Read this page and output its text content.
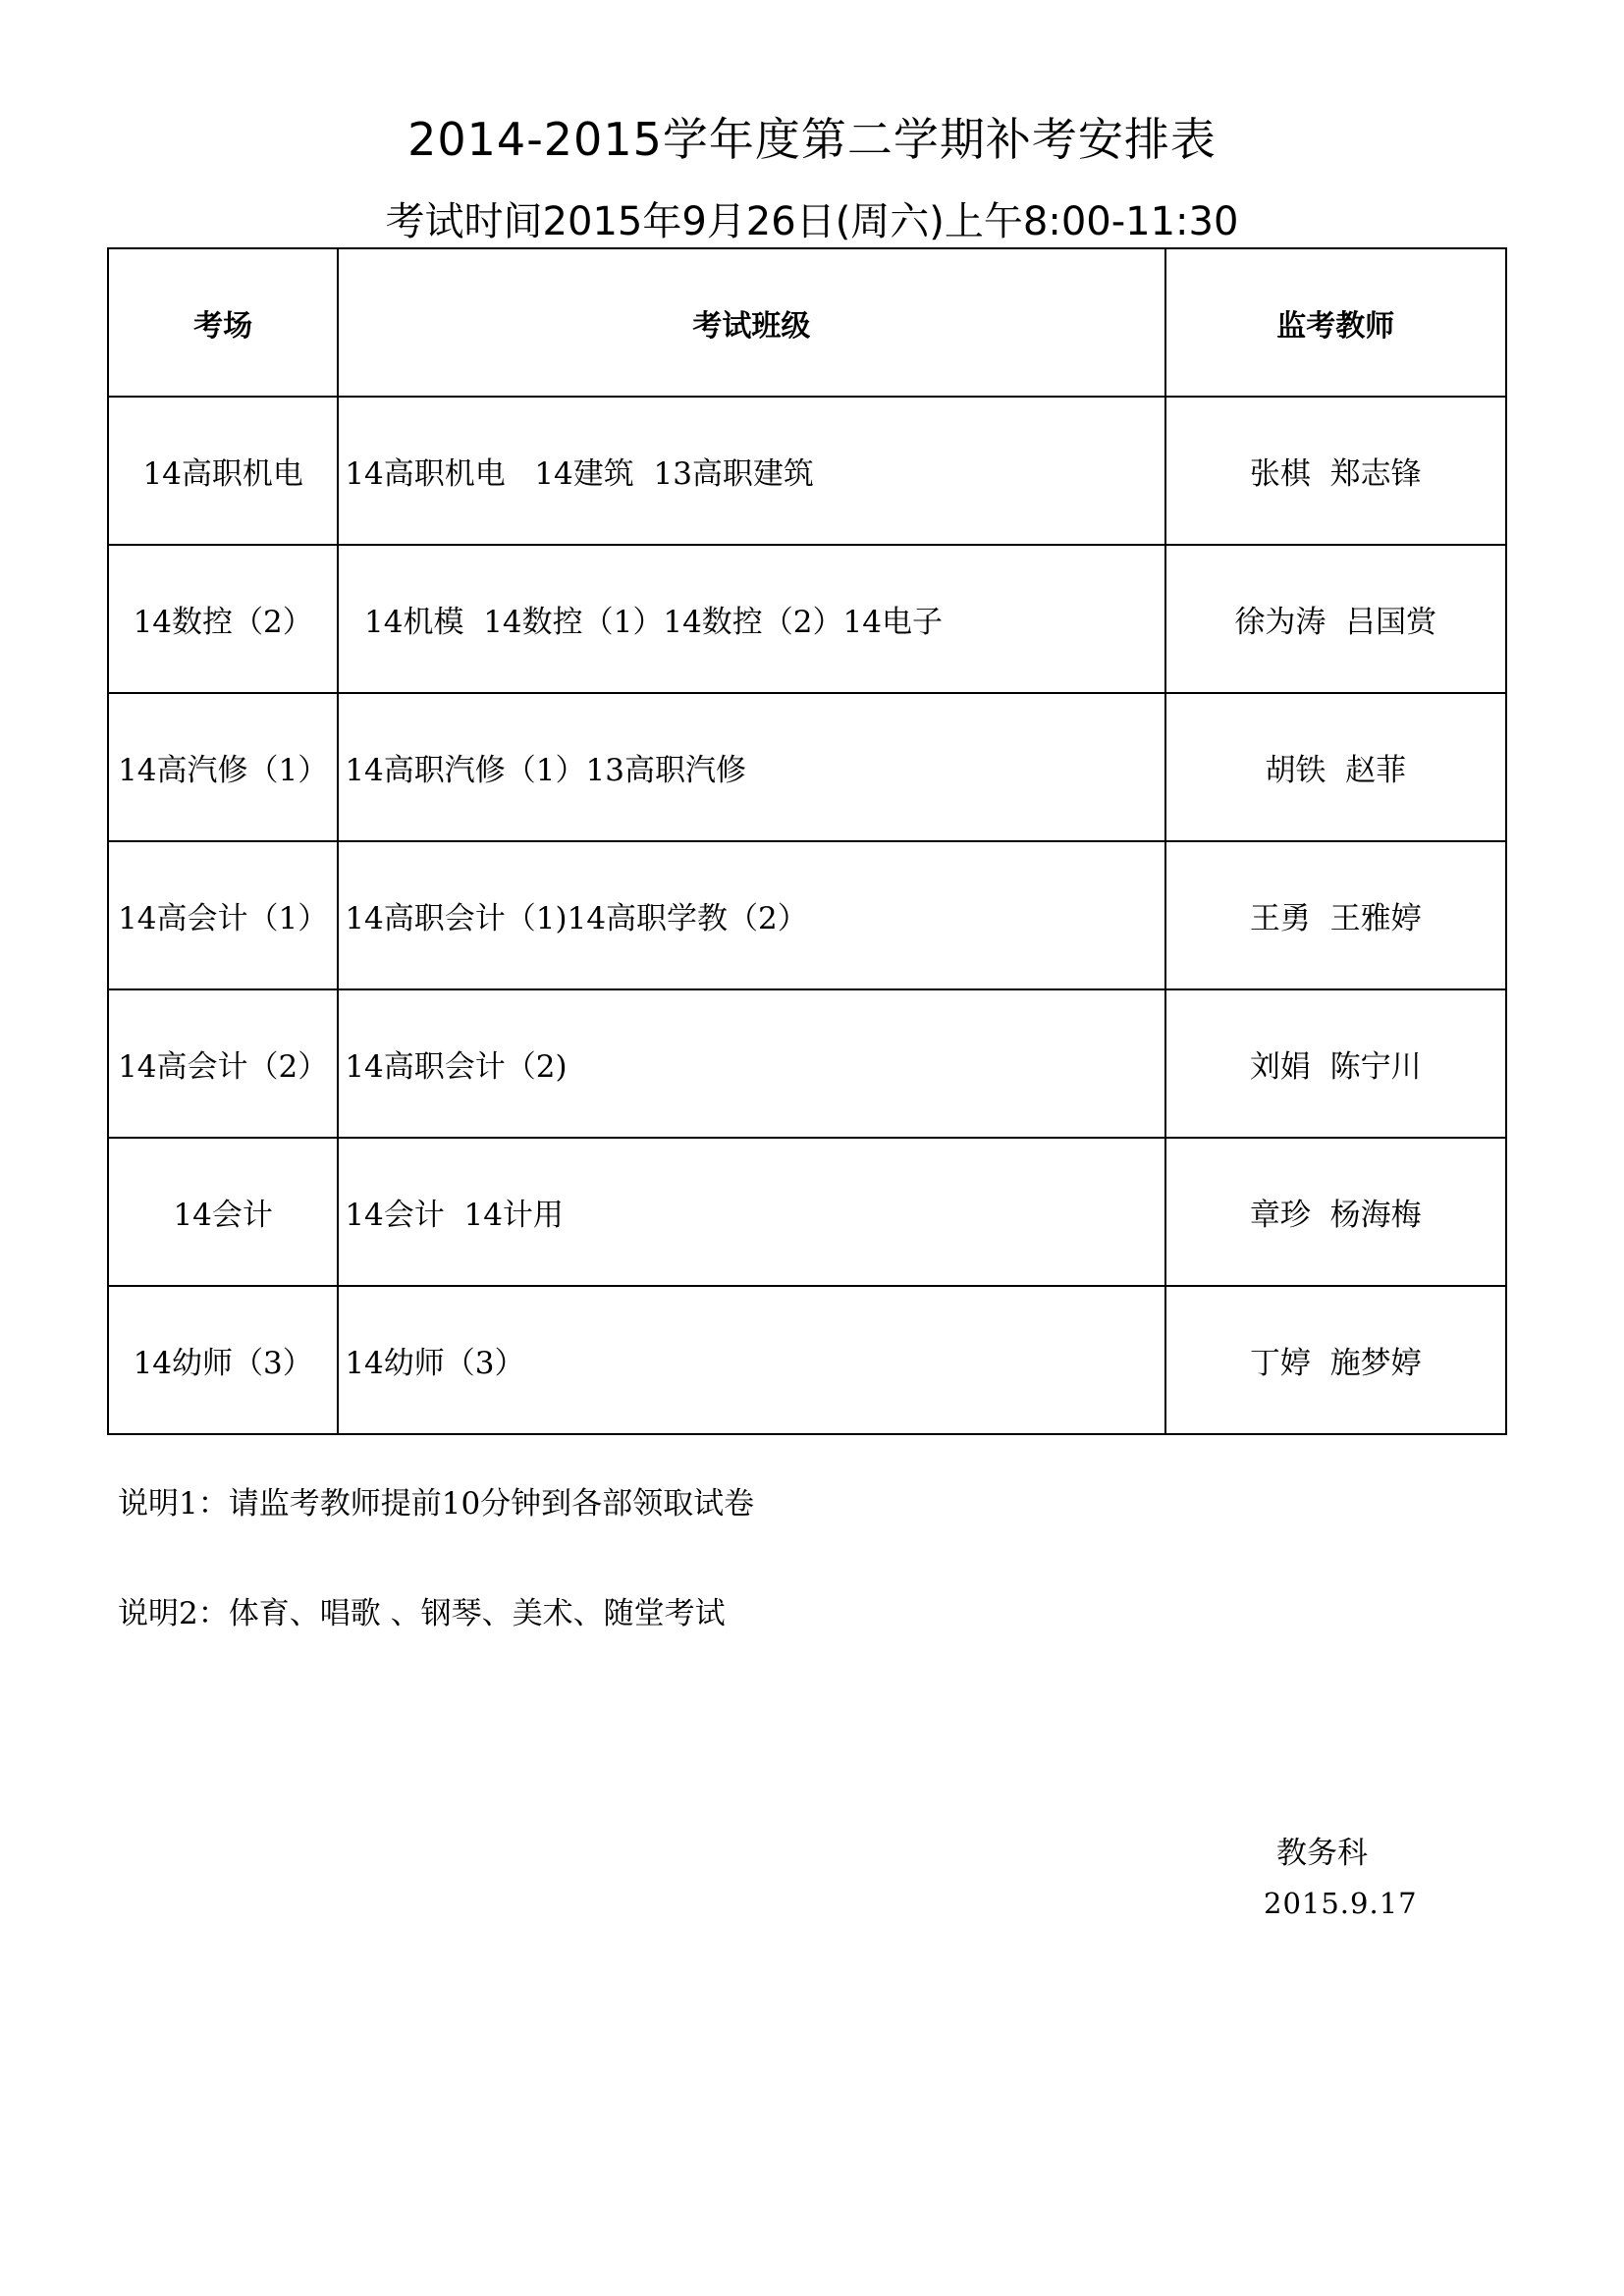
2014-2015学年度第二学期补考安排表
考试时间2015年9月26日(周六)上午8:00-11:30
考场	考试班级	监考教师
14高职机电	14高职机电   14建筑  13高职建筑	张棋  郑志锋
14数控（2）	14机模  14数控（1）14数控（2）14电子	徐为涛  吕国赏
14高汽修（1）	14高职汽修（1）13高职汽修	胡铁  赵菲
14高会计（1）	14高职会计（1)14高职学教（2）	王勇  王雅婷
14高会计（2）	14高职会计（2)	刘娟  陈宁川
14会计	14会计  14计用	章珍  杨海梅
14幼师（3）	14幼师（3）	丁婷  施梦婷
说明1：请监考教师提前10分钟到各部领取试卷
说明2：体育、唱歌 、钢琴、美术、随堂考试
教务科
2015.9.17
